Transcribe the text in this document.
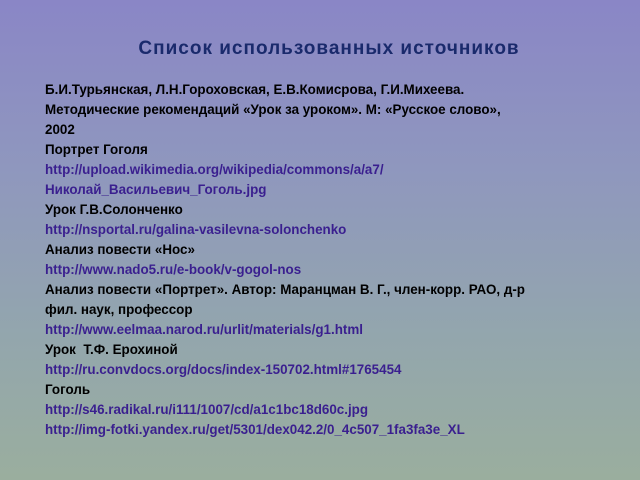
Список использованных источников
Б.И.Турьянская, Л.Н.Гороховская, Е.В.Комисрова, Г.И.Михеева.
Методические рекомендаций «Урок за уроком». М: «Русское слово»,
2002
Портрет Гоголя
http://upload.wikimedia.org/wikipedia/commons/a/a7/
Николай_Васильевич_Гоголь.jpg
Урок Г.В.Солонченко
http://nsportal.ru/galina-vasilevna-solonchenko
Анализ повести «Нос»
http://www.nado5.ru/e-book/v-gogol-nos
Анализ повести «Портрет». Автор: Маранцман В. Г., член-корр. РАО, д-р
фил. наук, профессор
http://www.eelmaa.narod.ru/urlit/materials/g1.html
Урок  Т.Ф. Ерохиной
http://ru.convdocs.org/docs/index-150702.html#1765454
Гоголь
http://s46.radikal.ru/i111/1007/cd/a1c1bc18d60c.jpg
http://img-fotki.yandex.ru/get/5301/dex042.2/0_4c507_1fa3fa3e_XL
